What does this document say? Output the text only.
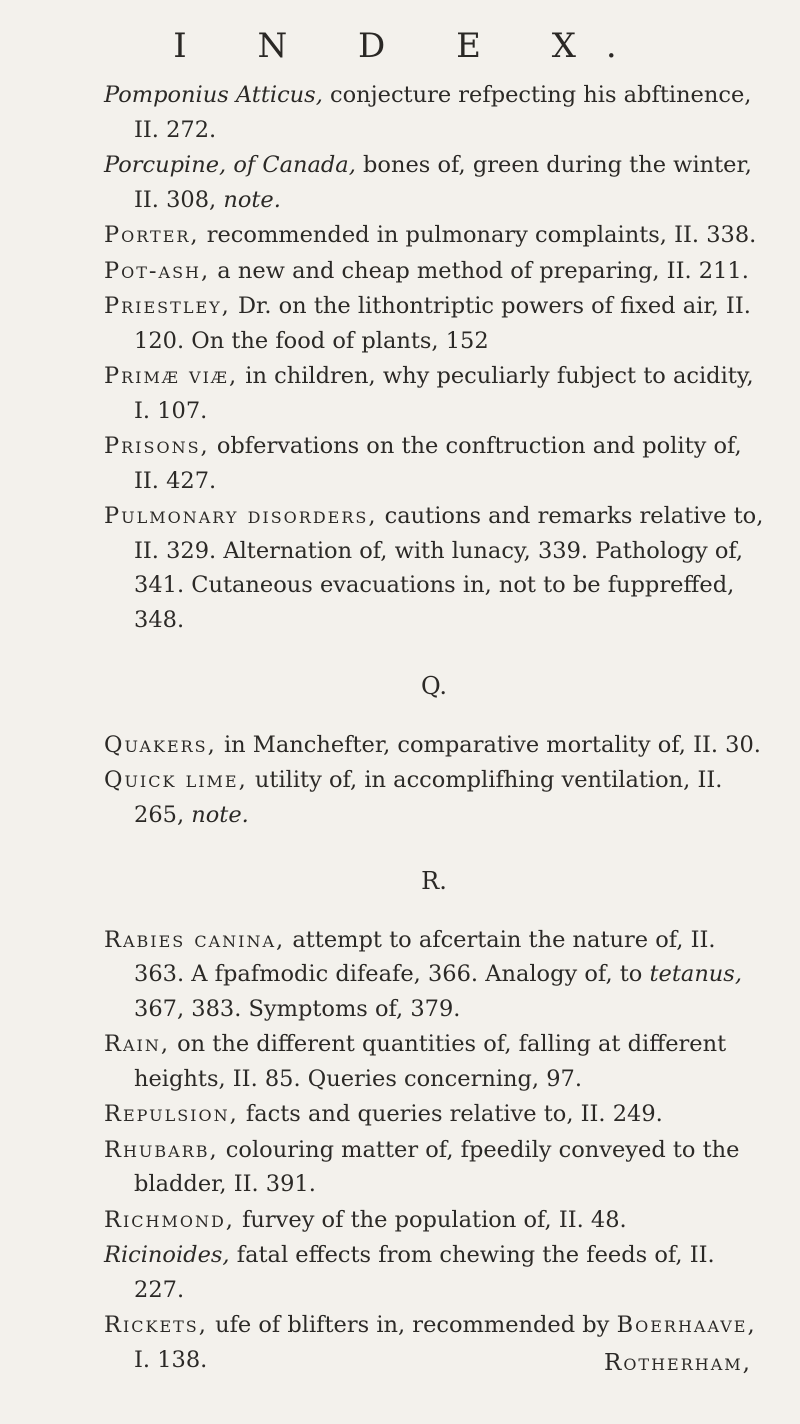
I N D E X.

Pomponius Atticus, conjecture refpecting his abftinence, II. 272.

Porcupine, of Canada, bones of, green during the winter, II. 308, note.

Porter, recommended in pulmonary complaints, II. 338.

Pot-ash, a new and cheap method of preparing, II. 211.

Priestley, Dr. on the lithontriptic powers of fixed air, II. 120. On the food of plants, 152

Primæ viæ, in children, why peculiarly fubject to acidity, I. 107.

Prisons, obfervations on the conftruction and polity of, II. 427.

Pulmonary disorders, cautions and remarks relative to, II. 329. Alternation of, with lunacy, 339. Pathology of, 341. Cutaneous evacuations in, not to be fuppreffed, 348.

Q.

Quakers, in Manchefter, comparative mortality of, II. 30.

Quick lime, utility of, in accomplifhing ventilation, II. 265, note.

R.

Rabies canina, attempt to afcertain the nature of, II. 363. A fpafmodic difeafe, 366. Analogy of, to tetanus, 367, 383. Symptoms of, 379.

Rain, on the different quantities of, falling at different heights, II. 85. Queries concerning, 97.

Repulsion, facts and queries relative to, II. 249.

Rhubarb, colouring matter of, fpeedily conveyed to the bladder, II. 391.

Richmond, furvey of the population of, II. 48.

Ricinoides, fatal effects from chewing the feeds of, II. 227.

Rickets, ufe of blifters in, recommended by Boerhaave, I. 138.	Rotherham,
